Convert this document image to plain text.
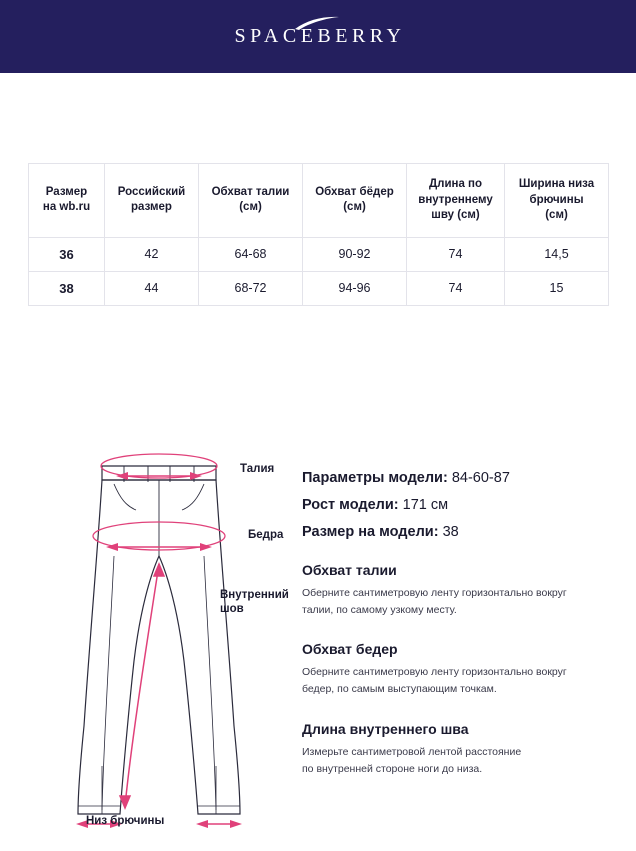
SPACEBERRY
Размер
на wb.ru

Российский
размер

Обхват талии
(см)

Обхват бёдер
(см)

Длина по
внутреннему
шву (см)

Ширина низа
брючины
(см)

36	42	64-68	90-92	74	14,5
38	44	68-72	94-96	74	15
Талия
Бедра
Внутренний
шов
Низ брючины
Параметры модели: 84-60-87
Рост модели: 171 см
Размер на модели: 38
Обхват талии
Оберните сантиметровую ленту горизонтально вокруг
талии, по самому узкому месту.
Обхват бедер
Оберните сантиметровую ленту горизонтально вокруг
бедер, по самым выступающим точкам.
Длина внутреннего шва
Измерьте сантиметровой лентой расстояние
по внутренней стороне ноги до низа.
